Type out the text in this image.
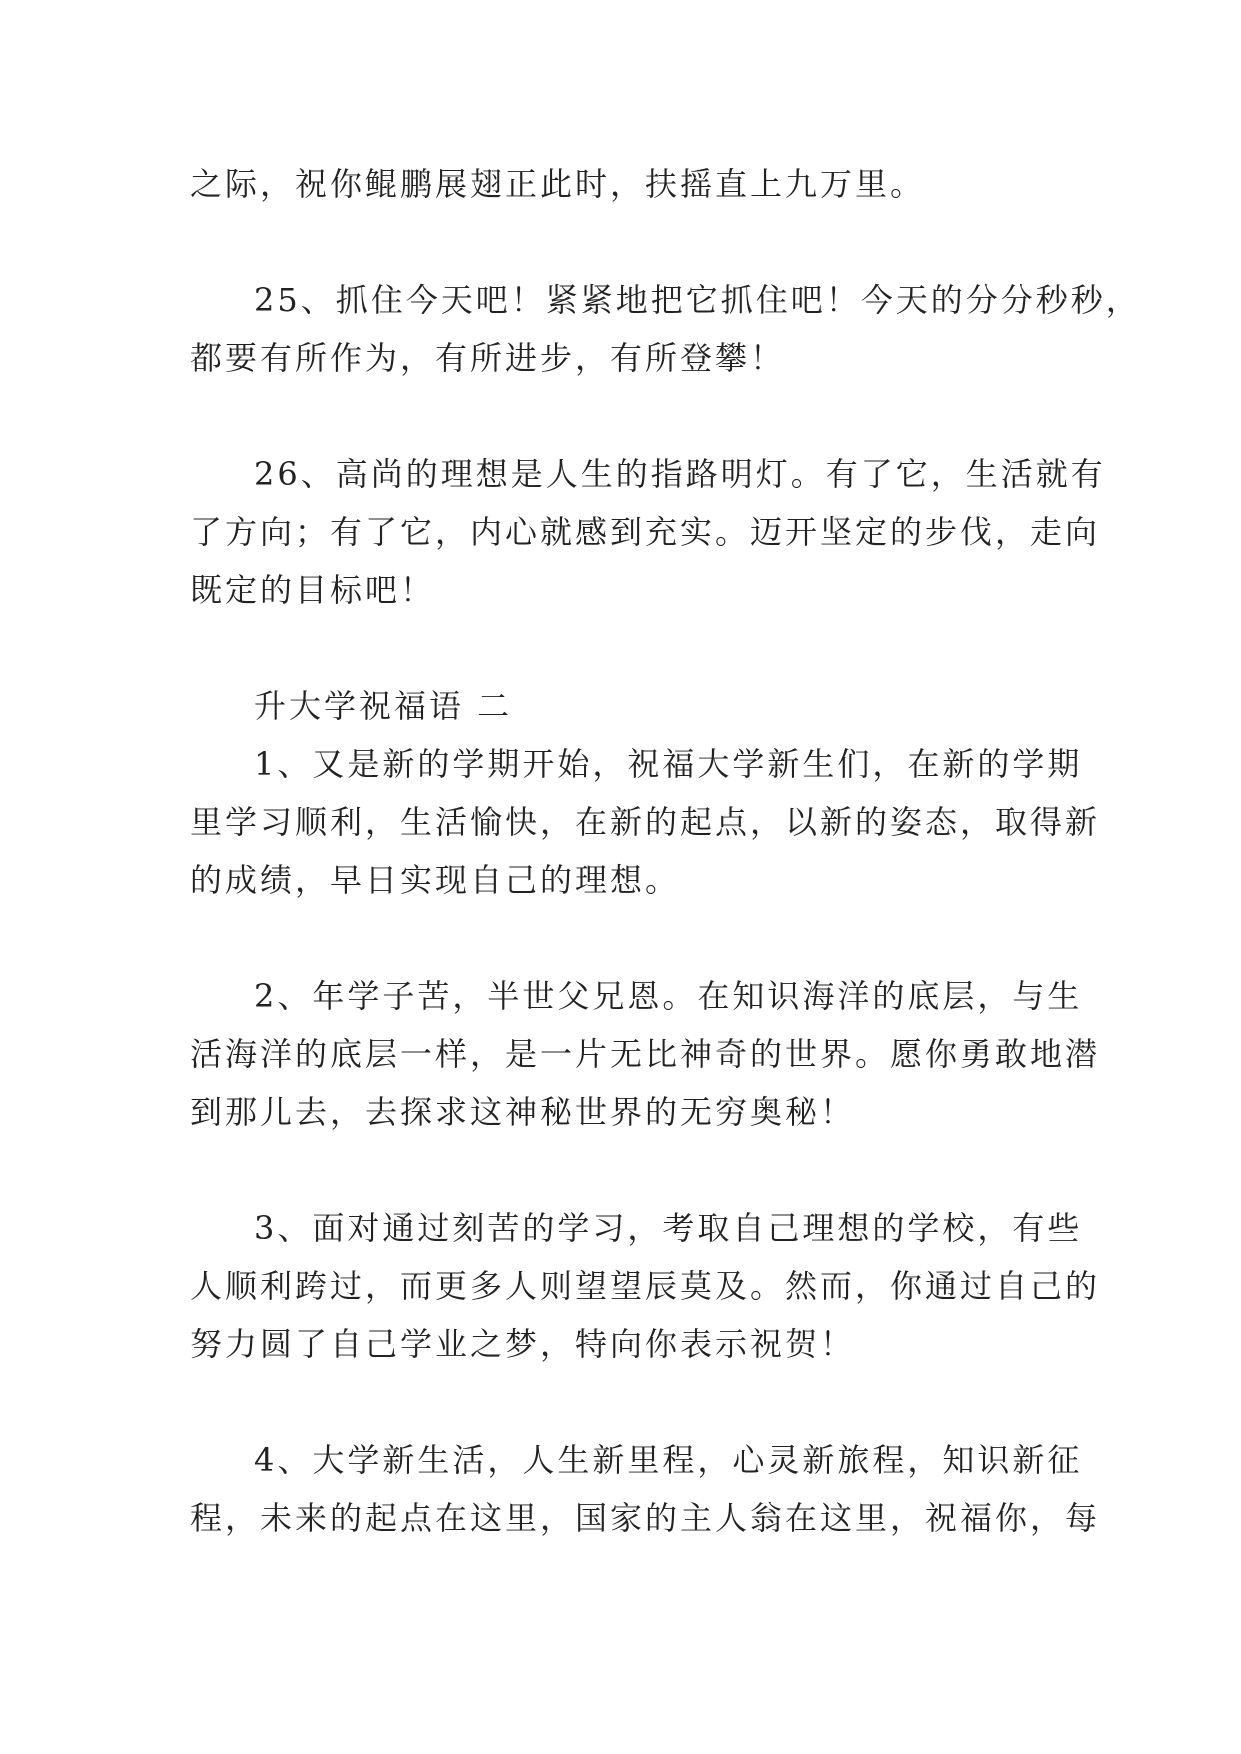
之际，祝你鲲鹏展翅正此时，扶摇直上九万里。

25、抓住今天吧！紧紧地把它抓住吧！今天的分分秒秒，
都要有所作为，有所进步，有所登攀！

26、高尚的理想是人生的指路明灯。有了它，生活就有
了方向；有了它，内心就感到充实。迈开坚定的步伐，走向
既定的目标吧！

升大学祝福语 二

1、又是新的学期开始，祝福大学新生们，在新的学期
里学习顺利，生活愉快，在新的起点，以新的姿态，取得新
的成绩，早日实现自己的理想。

2、年学子苦，半世父兄恩。在知识海洋的底层，与生
活海洋的底层一样，是一片无比神奇的世界。愿你勇敢地潜
到那儿去，去探求这神秘世界的无穷奥秘！

3、面对通过刻苦的学习，考取自己理想的学校，有些
人顺利跨过，而更多人则望望辰莫及。然而，你通过自己的
努力圆了自己学业之梦，特向你表示祝贺！

4、大学新生活，人生新里程，心灵新旅程，知识新征
程，未来的起点在这里，国家的主人翁在这里，祝福你，每
